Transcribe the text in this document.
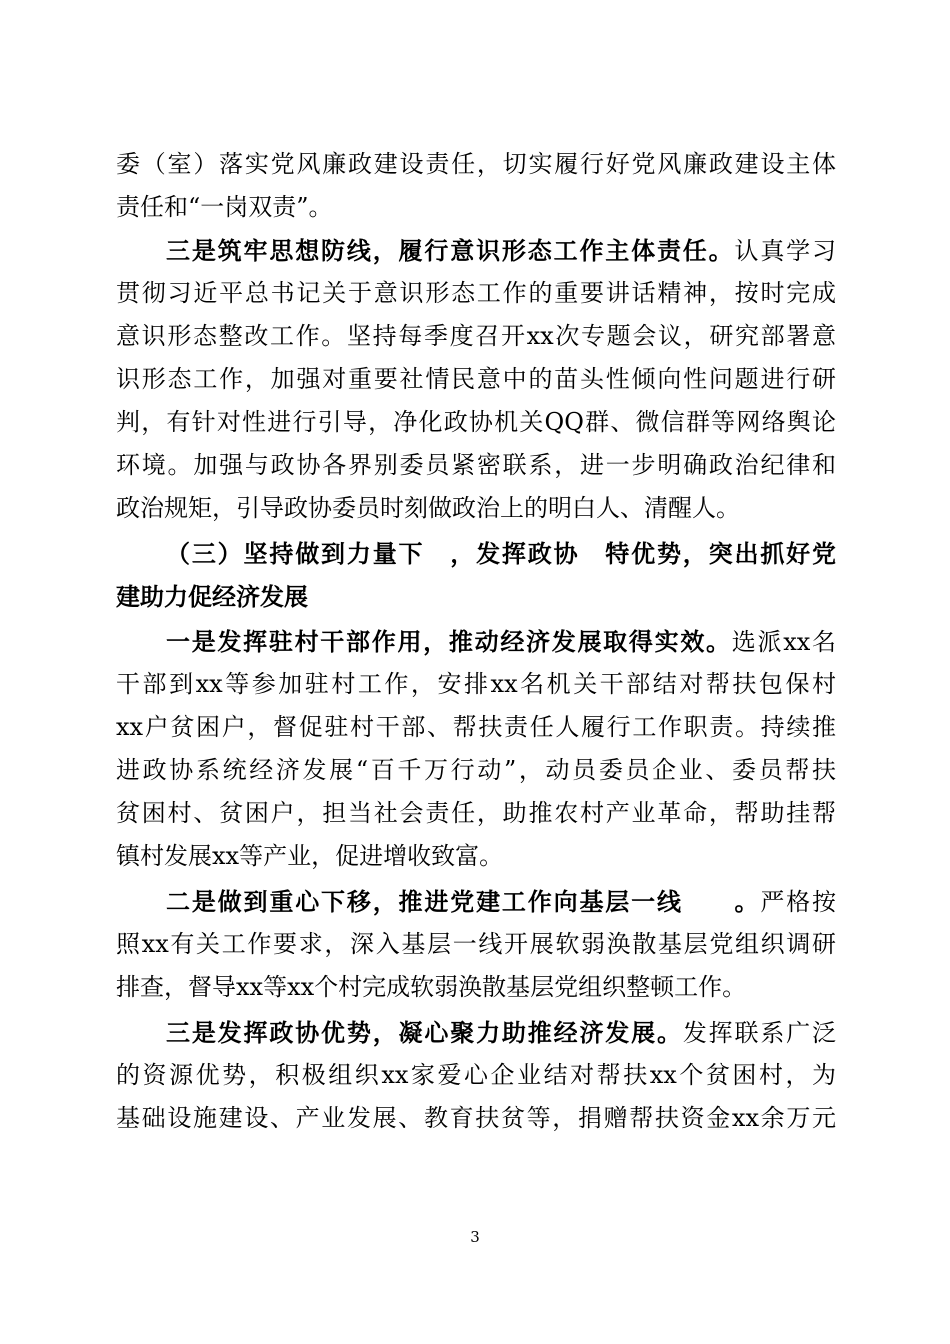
委（室）落实党风廉政建设责任，切实履行好党风廉政建设主体
责任和“一岗双责”。
三是筑牢思想防线，履行意识形态工作主体责任。认真学习
贯彻习近平总书记关于意识形态工作的重要讲话精神，按时完成
意识形态整改工作。坚持每季度召开xx次专题会议，研究部署意
识形态工作，加强对重要社情民意中的苗头性倾向性问题进行研
判，有针对性进行引导，净化政协机关QQ群、微信群等网络舆论
环境。加强与政协各界别委员紧密联系，进一步明确政治纪律和
政治规矩，引导政协委员时刻做政治上的明白人、清醒人。
（三）坚持做到力量下　，发挥政协　特优势，突出抓好党
建助力促经济发展
一是发挥驻村干部作用，推动经济发展取得实效。选派xx名
干部到xx等参加驻村工作，安排xx名机关干部结对帮扶包保村
xx户贫困户，督促驻村干部、帮扶责任人履行工作职责。持续推
进政协系统经济发展“百千万行动”，动员委员企业、委员帮扶
贫困村、贫困户，担当社会责任，助推农村产业革命，帮助挂帮
镇村发展xx等产业，促进增收致富。
二是做到重心下移，推进党建工作向基层一线　　。严格按
照xx有关工作要求，深入基层一线开展软弱涣散基层党组织调研
排查，督导xx等xx个村完成软弱涣散基层党组织整顿工作。
三是发挥政协优势，凝心聚力助推经济发展。发挥联系广泛
的资源优势，积极组织xx家爱心企业结对帮扶xx个贫困村，为
基础设施建设、产业发展、教育扶贫等，捐赠帮扶资金xx余万元
3
